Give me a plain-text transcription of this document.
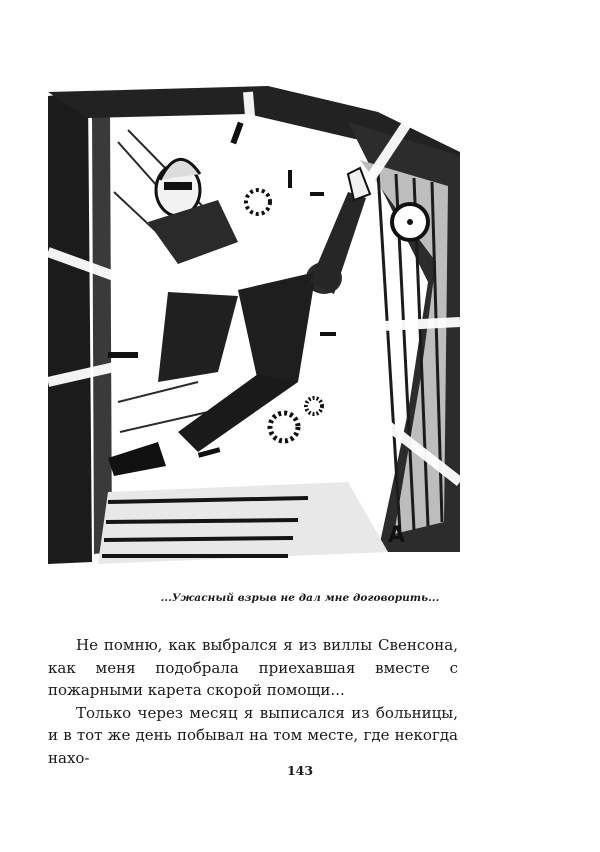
A
...Ужасный взрыв не дал мне договорить...

Не помню, как выбрался я из виллы Свенсона, как меня подобрала приехавшая вместе с пожарными карета скорой помощи...

Только через месяц я выписался из больницы, и в тот же день побывал на том месте, где некогда нахо-

143
